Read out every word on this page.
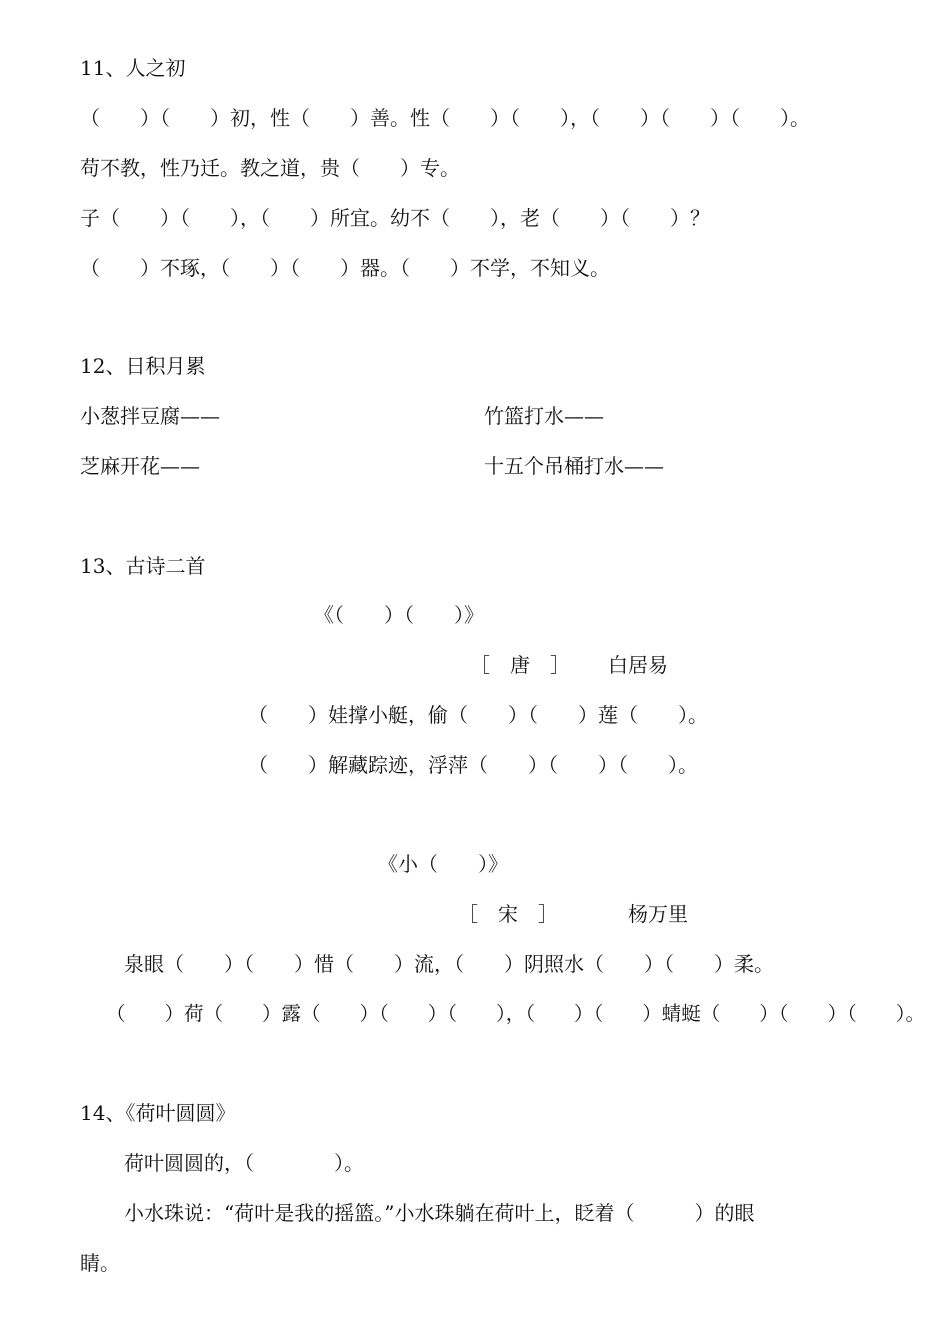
11、人之初

（　　）（　　）初，性（　　）善。性（　　）（　　），（　　）（　　）（　　）。

苟不教，性乃迁。教之道，贵（　　）专。

子（　　）（　　），（　　）所宜。幼不（　　），老（　　）（　　）？

（　　）不琢，（　　）（　　）器。（　　）不学，不知义。

12、日积月累

小葱拌豆腐——	竹篮打水——

芝麻开花——	十五个吊桶打水——

13、古诗二首

《（　　）（　　）》

［　唐　］ 白居易

（　　）娃撑小艇，偷（　　）（　　）莲（　　）。

（　　）解藏踪迹，浮萍（　　）（　　）（　　）。

《小（　　）》

［　宋　］	杨万里

泉眼（　　）（　　）惜（　　）流，（　　）阴照水（　　）（　　）柔。

（　　）荷（　　）露（　　）（　　）（　　），（　　）（　　）蜻蜓（　　）（　　）（　　）。

14、《荷叶圆圆》

荷叶圆圆的，（　　　　）。

小水珠说：“荷叶是我的摇篮。”小水珠躺在荷叶上，眨着（　　　）的眼

睛。
